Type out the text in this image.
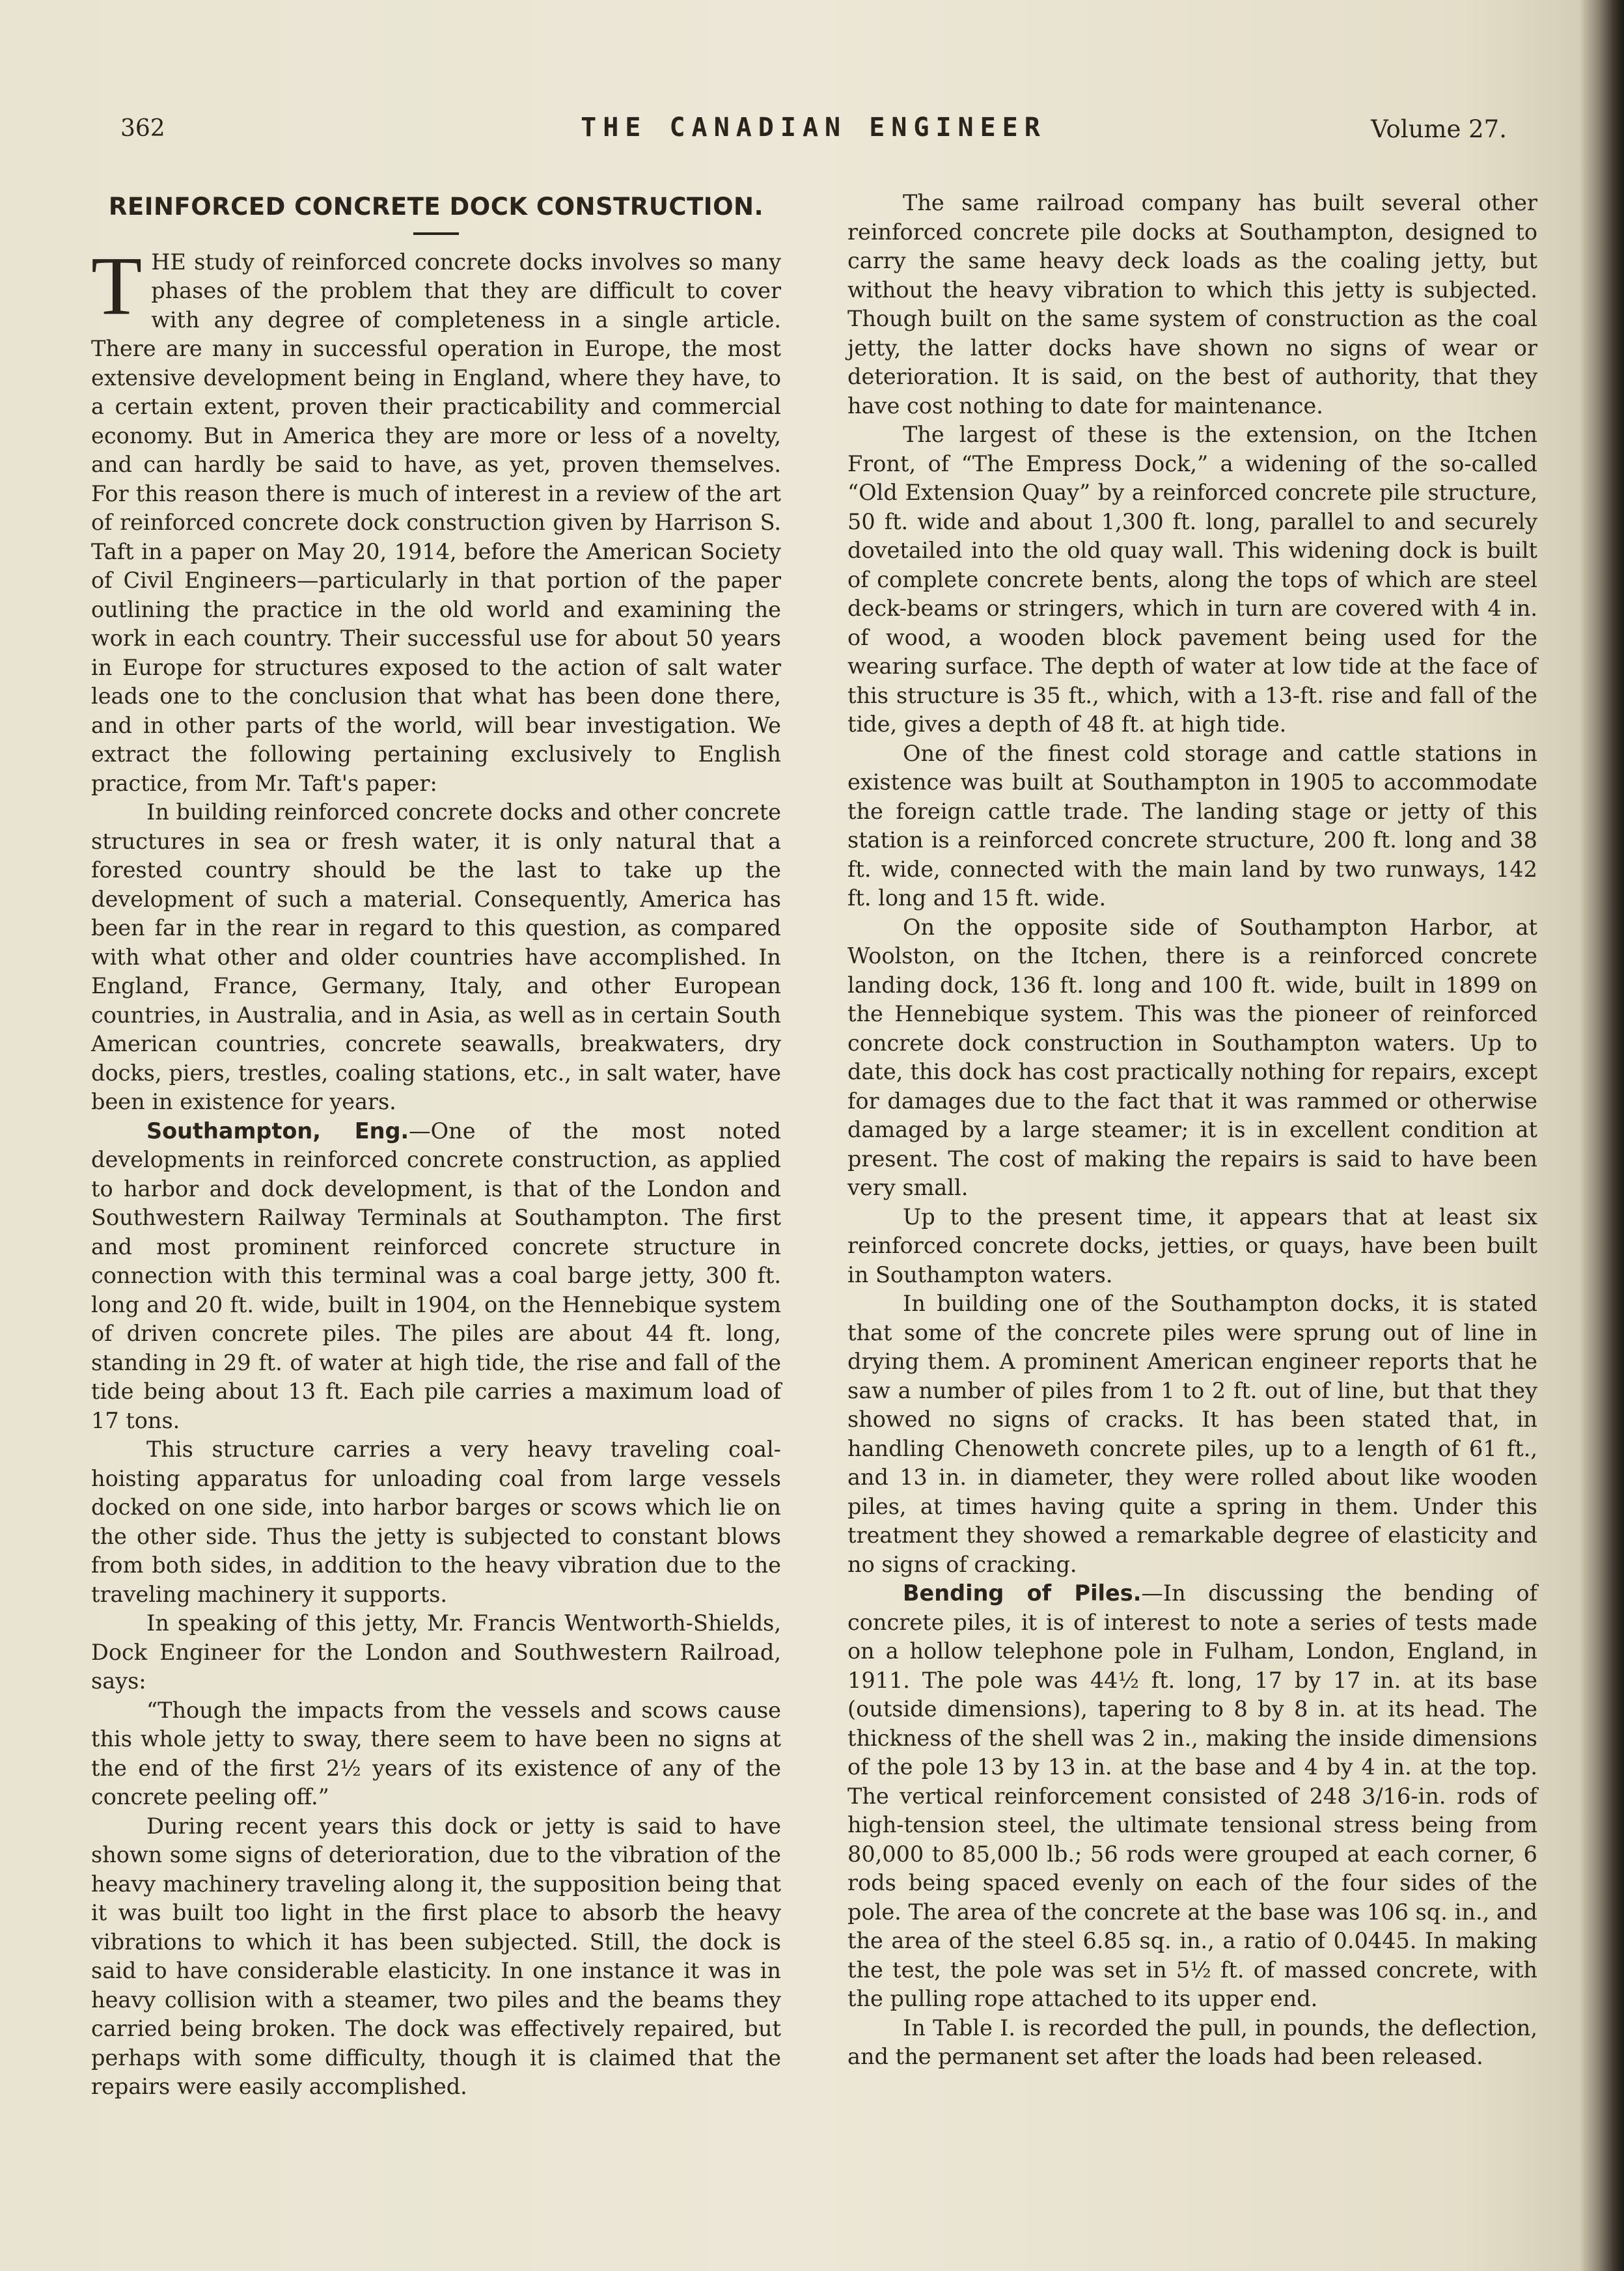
362	THE CANADIAN ENGINEER	Volume 27.
REINFORCED CONCRETE DOCK CONSTRUCTION.

THE study of reinforced concrete docks involves so many phases of the problem that they are difficult to cover with any degree of completeness in a single article. There are many in successful operation in Europe, the most extensive development being in England, where they have, to a certain extent, proven their practicability and commercial economy. But in America they are more or less of a novelty, and can hardly be said to have, as yet, proven themselves. For this reason there is much of interest in a review of the art of reinforced concrete dock construction given by Harrison S. Taft in a paper on May 20, 1914, before the American Society of Civil Engineers—particularly in that portion of the paper outlining the practice in the old world and examining the work in each country. Their successful use for about 50 years in Europe for structures exposed to the action of salt water leads one to the conclusion that what has been done there, and in other parts of the world, will bear investigation. We extract the following pertaining exclusively to English practice, from Mr. Taft's paper:

In building reinforced concrete docks and other concrete structures in sea or fresh water, it is only natural that a forested country should be the last to take up the development of such a material. Consequently, America has been far in the rear in regard to this question, as compared with what other and older countries have accomplished. In England, France, Germany, Italy, and other European countries, in Australia, and in Asia, as well as in certain South American countries, concrete seawalls, breakwaters, dry docks, piers, trestles, coaling stations, etc., in salt water, have been in existence for years.

Southampton, Eng.—One of the most noted developments in reinforced concrete construction, as applied to harbor and dock development, is that of the London and Southwestern Railway Terminals at Southampton. The first and most prominent reinforced concrete structure in connection with this terminal was a coal barge jetty, 300 ft. long and 20 ft. wide, built in 1904, on the Hennebique system of driven concrete piles. The piles are about 44 ft. long, standing in 29 ft. of water at high tide, the rise and fall of the tide being about 13 ft. Each pile carries a maximum load of 17 tons.

This structure carries a very heavy traveling coal-hoisting apparatus for unloading coal from large vessels docked on one side, into harbor barges or scows which lie on the other side. Thus the jetty is subjected to constant blows from both sides, in addition to the heavy vibration due to the traveling machinery it supports.

In speaking of this jetty, Mr. Francis Wentworth-Shields, Dock Engineer for the London and Southwestern Railroad, says:

“Though the impacts from the vessels and scows cause this whole jetty to sway, there seem to have been no signs at the end of the first 2½ years of its existence of any of the concrete peeling off.”

During recent years this dock or jetty is said to have shown some signs of deterioration, due to the vibration of the heavy machinery traveling along it, the supposition being that it was built too light in the first place to absorb the heavy vibrations to which it has been subjected. Still, the dock is said to have considerable elasticity. In one instance it was in heavy collision with a steamer, two piles and the beams they carried being broken. The dock was effectively repaired, but perhaps with some difficulty, though it is claimed that the repairs were easily accomplished.

The same railroad company has built several other reinforced concrete pile docks at Southampton, designed to carry the same heavy deck loads as the coaling jetty, but without the heavy vibration to which this jetty is subjected. Though built on the same system of construction as the coal jetty, the latter docks have shown no signs of wear or deterioration. It is said, on the best of authority, that they have cost nothing to date for maintenance.

The largest of these is the extension, on the Itchen Front, of “The Empress Dock,” a widening of the so-called “Old Extension Quay” by a reinforced concrete pile structure, 50 ft. wide and about 1,300 ft. long, parallel to and securely dovetailed into the old quay wall. This widening dock is built of complete concrete bents, along the tops of which are steel deck-beams or stringers, which in turn are covered with 4 in. of wood, a wooden block pavement being used for the wearing surface. The depth of water at low tide at the face of this structure is 35 ft., which, with a 13-ft. rise and fall of the tide, gives a depth of 48 ft. at high tide.

One of the finest cold storage and cattle stations in existence was built at Southampton in 1905 to accommodate the foreign cattle trade. The landing stage or jetty of this station is a reinforced concrete structure, 200 ft. long and 38 ft. wide, connected with the main land by two runways, 142 ft. long and 15 ft. wide.

On the opposite side of Southampton Harbor, at Woolston, on the Itchen, there is a reinforced concrete landing dock, 136 ft. long and 100 ft. wide, built in 1899 on the Hennebique system. This was the pioneer of reinforced concrete dock construction in Southampton waters. Up to date, this dock has cost practically nothing for repairs, except for damages due to the fact that it was rammed or otherwise damaged by a large steamer; it is in excellent condition at present. The cost of making the repairs is said to have been very small.

Up to the present time, it appears that at least six reinforced concrete docks, jetties, or quays, have been built in Southampton waters.

In building one of the Southampton docks, it is stated that some of the concrete piles were sprung out of line in drying them. A prominent American engineer reports that he saw a number of piles from 1 to 2 ft. out of line, but that they showed no signs of cracks. It has been stated that, in handling Chenoweth concrete piles, up to a length of 61 ft., and 13 in. in diameter, they were rolled about like wooden piles, at times having quite a spring in them. Under this treatment they showed a remarkable degree of elasticity and no signs of cracking.

Bending of Piles.—In discussing the bending of concrete piles, it is of interest to note a series of tests made on a hollow telephone pole in Fulham, London, England, in 1911. The pole was 44½ ft. long, 17 by 17 in. at its base (outside dimensions), tapering to 8 by 8 in. at its head. The thickness of the shell was 2 in., making the inside dimensions of the pole 13 by 13 in. at the base and 4 by 4 in. at the top. The vertical reinforcement consisted of 248 3/16-in. rods of high-tension steel, the ultimate tensional stress being from 80,000 to 85,000 lb.; 56 rods were grouped at each corner, 6 rods being spaced evenly on each of the four sides of the pole. The area of the concrete at the base was 106 sq. in., and the area of the steel 6.85 sq. in., a ratio of 0.0445. In making the test, the pole was set in 5½ ft. of massed concrete, with the pulling rope attached to its upper end.

In Table I. is recorded the pull, in pounds, the deflection, and the permanent set after the loads had been released.
